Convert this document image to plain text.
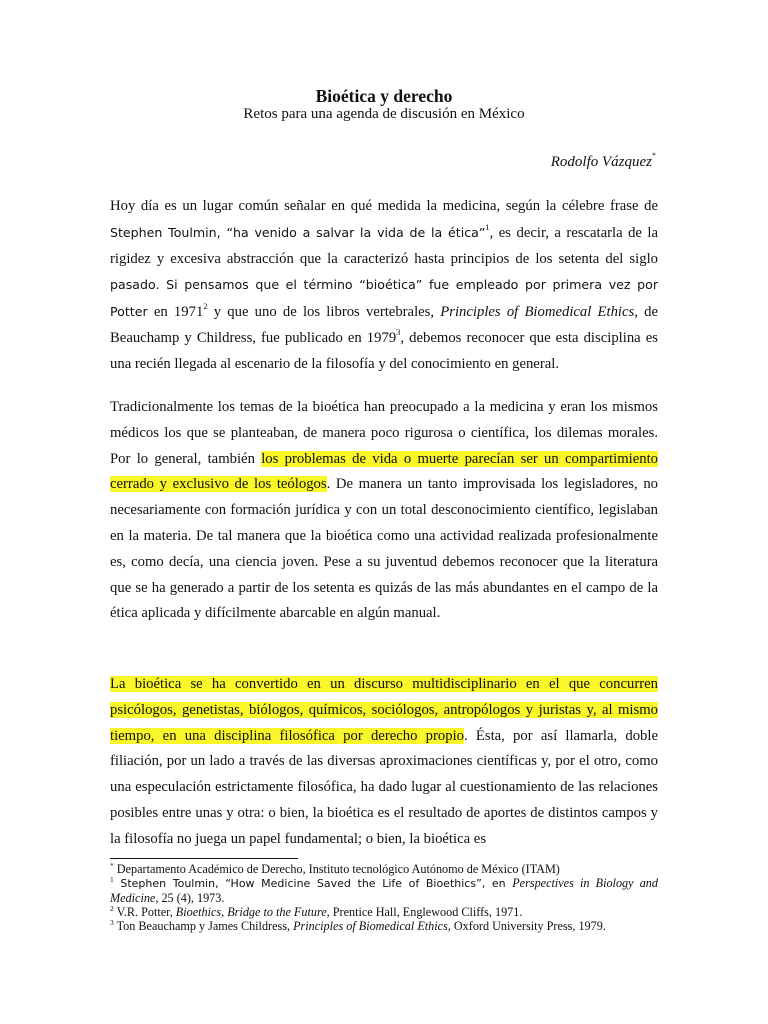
Bioética y derecho
Retos para una agenda de discusión en México
Rodolfo Vázquez*

Hoy día es un lugar común señalar en qué medida la medicina, según la célebre frase de Stephen Toulmin, “ha venido a salvar la vida de la ética”$^1$, es decir, a rescatarla de la rigidez y excesiva abstracción que la caracterizó hasta principios de los setenta del siglo pasado. Si pensamos que el término “bioética” fue empleado por primera vez por Potter en 1971$^2$ y que uno de los libros vertebrales, Principles of Biomedical Ethics, de Beauchamp y Childress, fue publicado en 1979$^3$, debemos reconocer que esta disciplina es una recién llegada al escenario de la filosofía y del conocimiento en general.

Tradicionalmente los temas de la bioética han preocupado a la medicina y eran los mismos médicos los que se planteaban, de manera poco rigurosa o científica, los dilemas morales. Por lo general, también los problemas de vida o muerte parecían ser un compartimiento cerrado y exclusivo de los teólogos. De manera un tanto improvisada los legisladores, no necesariamente con formación jurídica y con un total desconocimiento científico, legislaban en la materia. De tal manera que la bioética como una actividad realizada profesionalmente es, como decía, una ciencia joven. Pese a su juventud debemos reconocer que la literatura que se ha generado a partir de los setenta es quizás de las más abundantes en el campo de la ética aplicada y difícilmente abarcable en algún manual.

La bioética se ha convertido en un discurso multidisciplinario en el que concurren psicólogos, genetistas, biólogos, químicos, sociólogos, antropólogos y juristas y, al mismo tiempo, en una disciplina filosófica por derecho propio. Ésta, por así llamarla, doble filiación, por un lado a través de las diversas aproximaciones científicas y, por el otro, como una especulación estrictamente filosófica, ha dado lugar al cuestionamiento de las relaciones posibles entre unas y otra: o bien, la bioética es el resultado de aportes de distintos campos y la filosofía no juega un papel fundamental; o bien, la bioética es

* Departamento Académico de Derecho, Instituto tecnológico Autónomo de México (ITAM)
$^1$ Stephen Toulmin, “How Medicine Saved the Life of Bioethics”, en Perspectives in Biology and Medicine, 25 (4), 1973.
$^2$ V.R. Potter, Bioethics, Bridge to the Future, Prentice Hall, Englewood Cliffs, 1971.
$^3$ Ton Beauchamp y James Childress, Principles of Biomedical Ethics, Oxford University Press, 1979.
